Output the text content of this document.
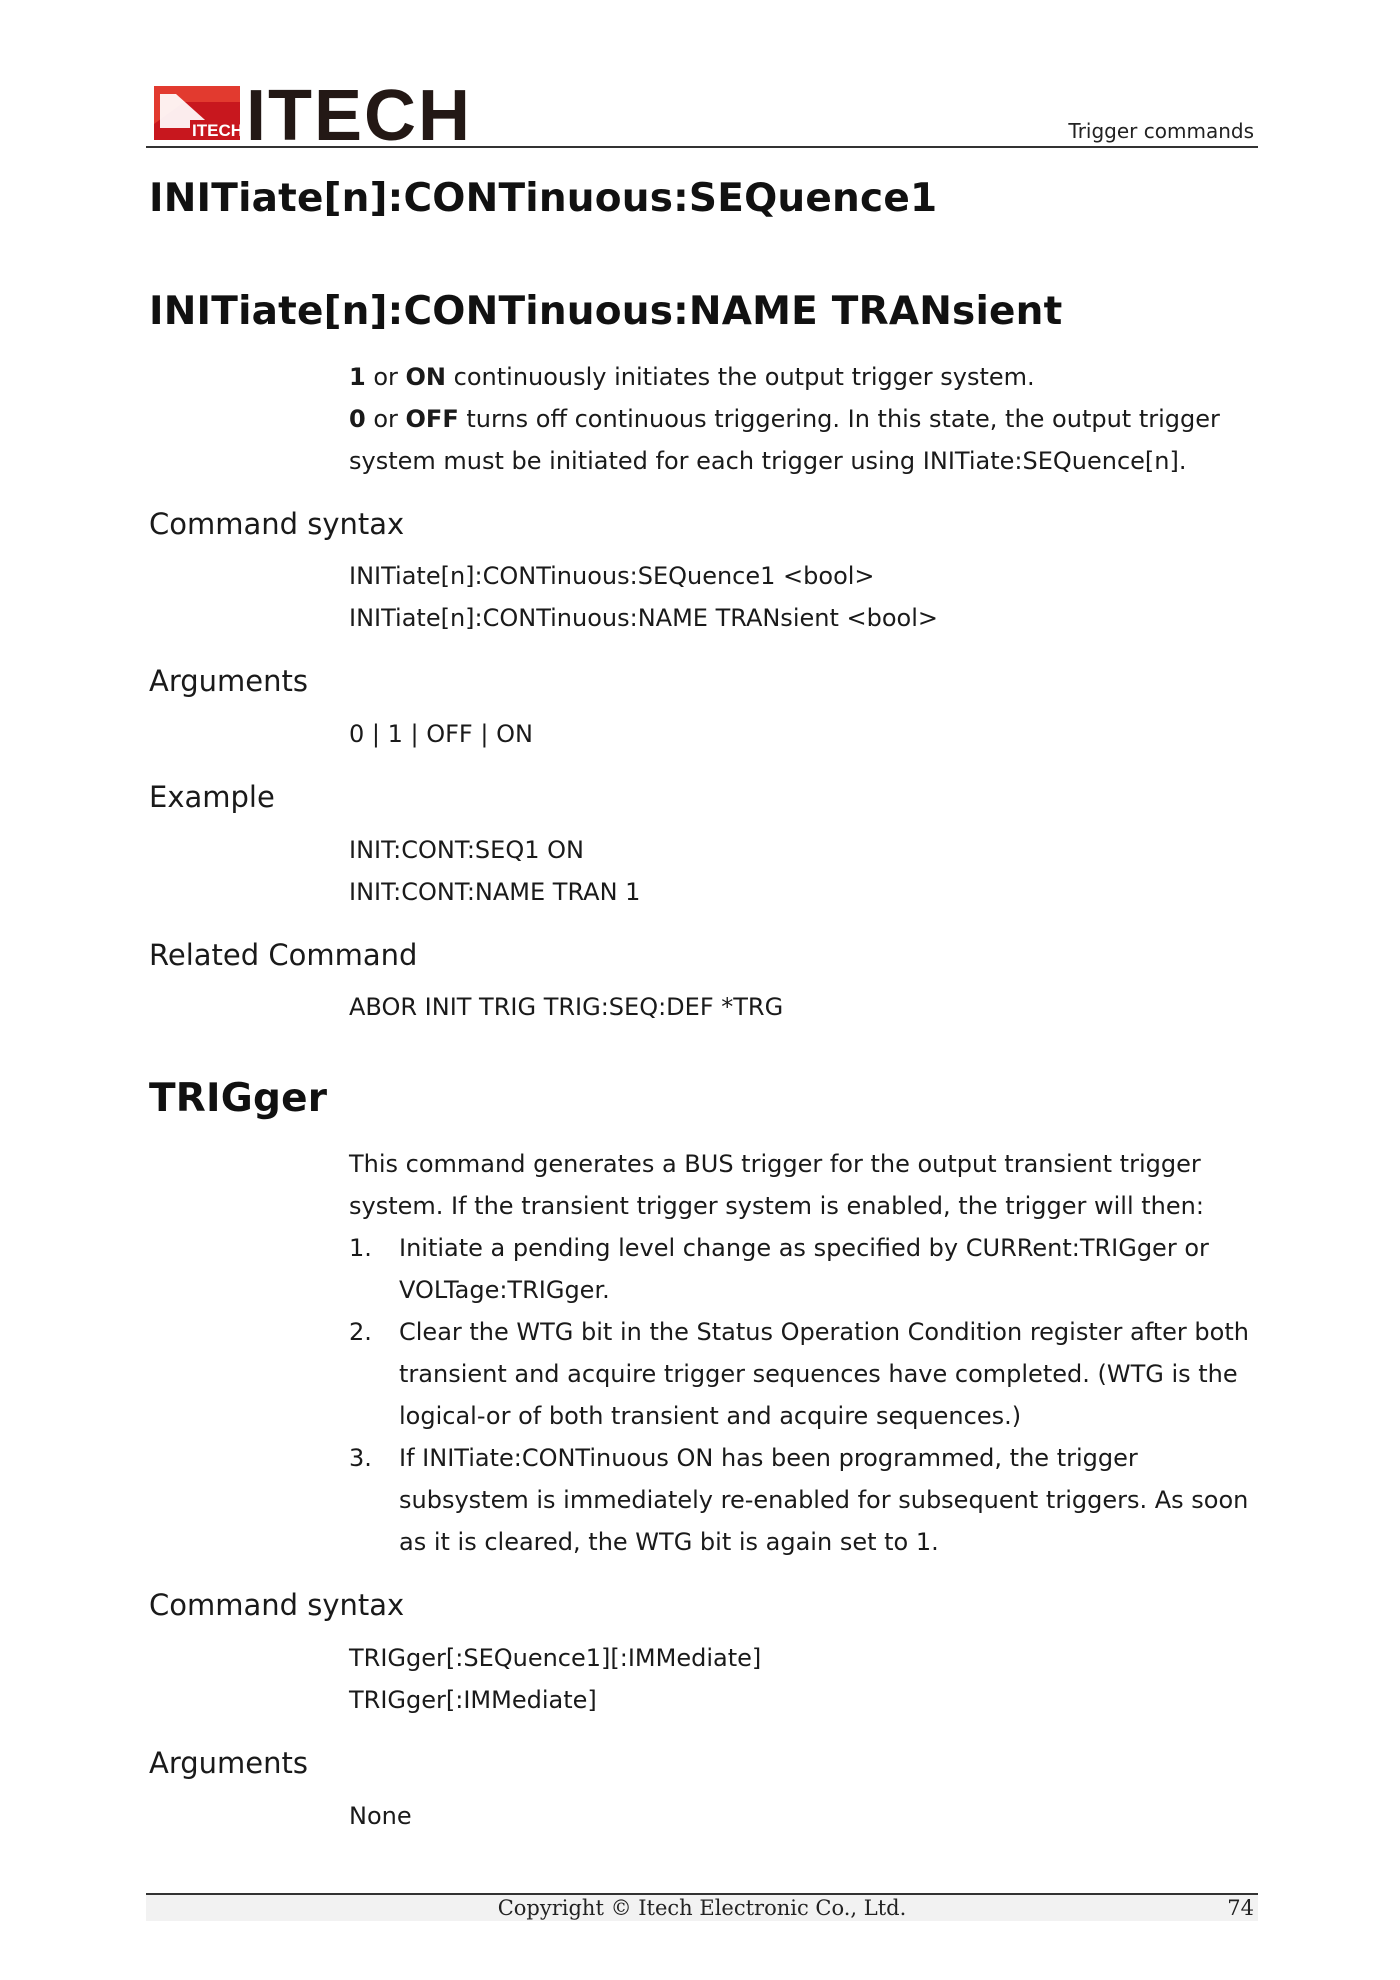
ITECH ITECH	Trigger commands
INITiate[n]:CONTinuous:SEQuence1
INITiate[n]:CONTinuous:NAME TRANsient
1 or ON continuously initiates the output trigger system.
0 or OFF turns off continuous triggering. In this state, the output trigger system must be initiated for each trigger using INITiate:SEQuence[n].
Command syntax
INITiate[n]:CONTinuous:SEQuence1 <bool>
INITiate[n]:CONTinuous:NAME TRANsient <bool>
Arguments
0 | 1 | OFF | ON
Example
INIT:CONT:SEQ1 ON
INIT:CONT:NAME TRAN 1
Related Command
ABOR INIT TRIG TRIG:SEQ:DEF *TRG
TRIGger
This command generates a BUS trigger for the output transient trigger system. If the transient trigger system is enabled, the trigger will then:
1. Initiate a pending level change as specified by CURRent:TRIGger or VOLTage:TRIGger.
2. Clear the WTG bit in the Status Operation Condition register after both transient and acquire trigger sequences have completed. (WTG is the logical-or of both transient and acquire sequences.)
3. If INITiate:CONTinuous ON has been programmed, the trigger subsystem is immediately re-enabled for subsequent triggers. As soon as it is cleared, the WTG bit is again set to 1.
Command syntax
TRIGger[:SEQuence1][:IMMediate]
TRIGger[:IMMediate]
Arguments
None
Copyright © Itech Electronic Co., Ltd.	74
